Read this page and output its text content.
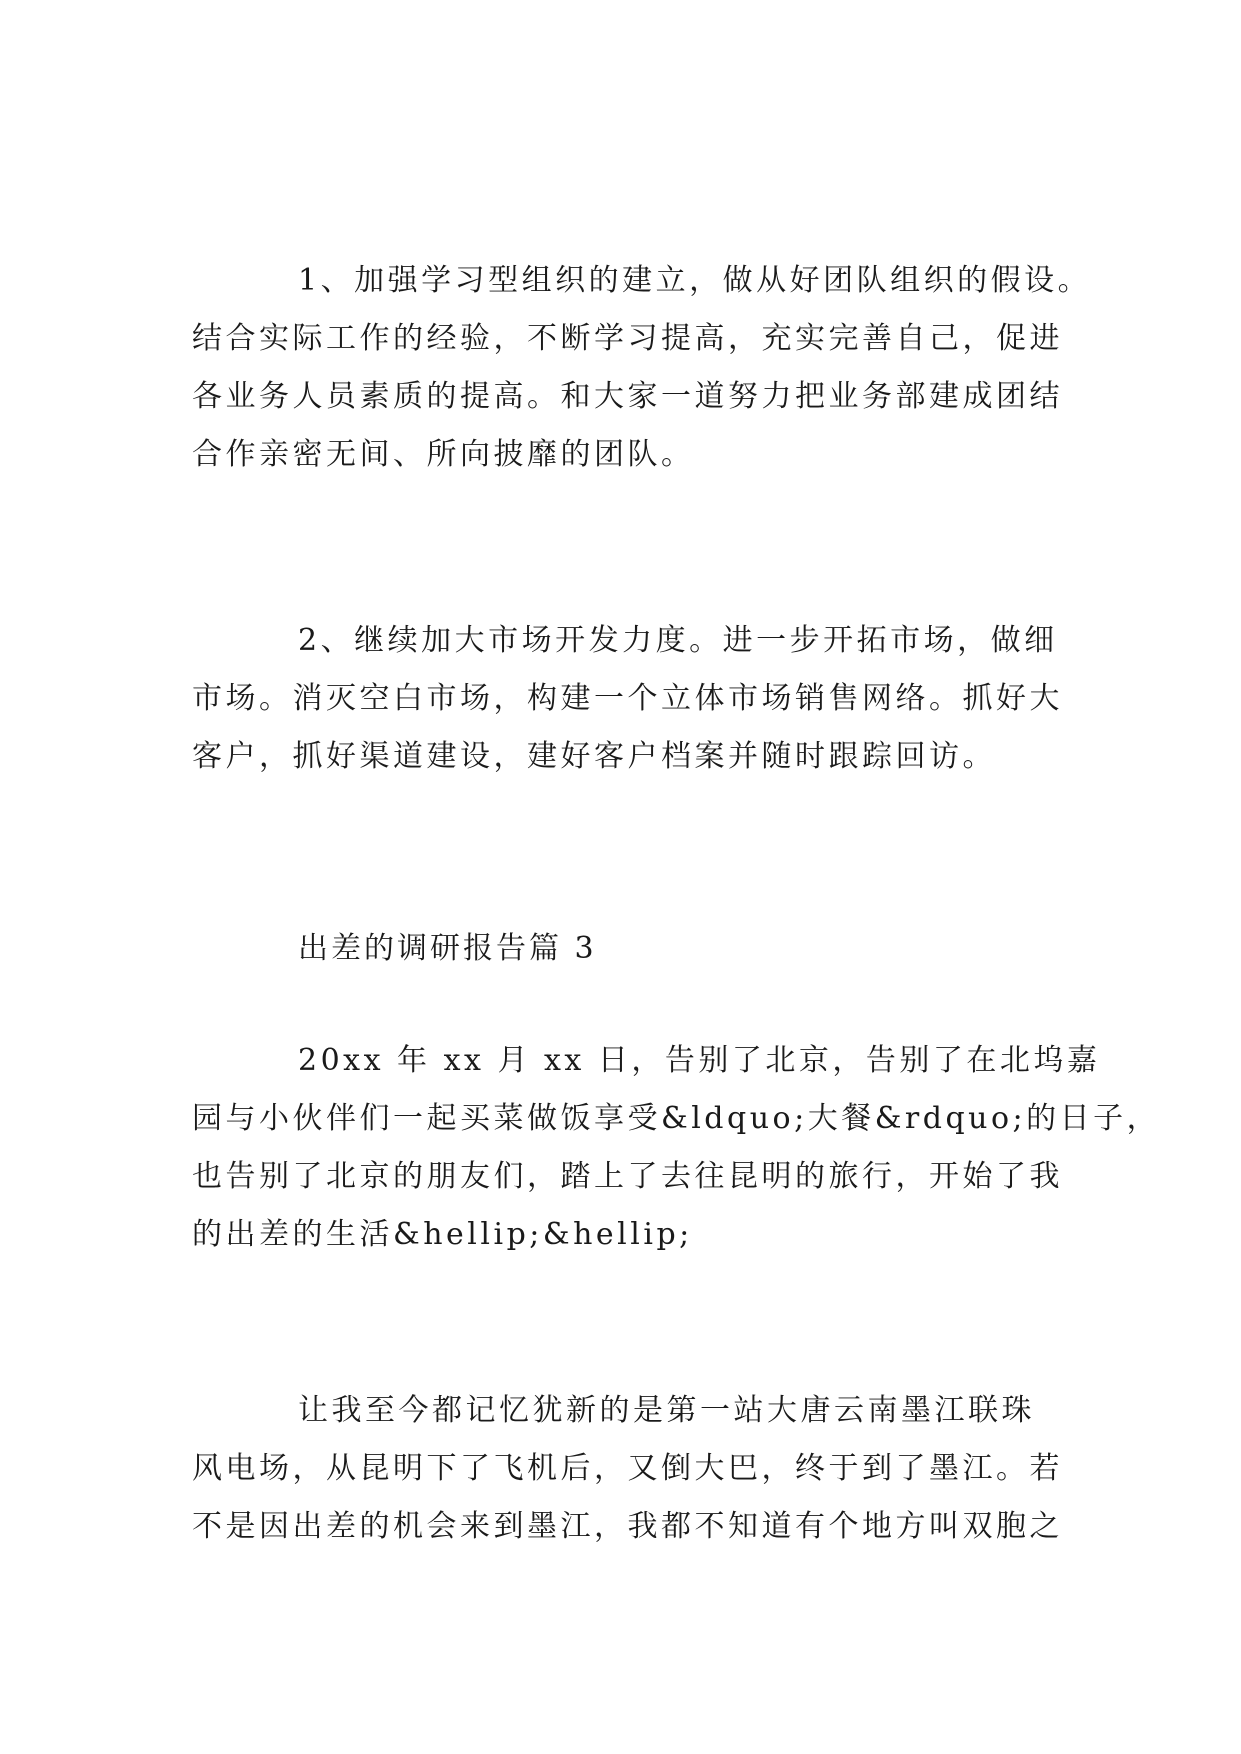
1、加强学习型组织的建立，做从好团队组织的假设。
结合实际工作的经验，不断学习提高，充实完善自己，促进
各业务人员素质的提高。和大家一道努力把业务部建成团结
合作亲密无间、所向披靡的团队。
2、继续加大市场开发力度。进一步开拓市场，做细
市场。消灭空白市场，构建一个立体市场销售网络。抓好大
客户，抓好渠道建设，建好客户档案并随时跟踪回访。
出差的调研报告篇 3
20xx 年 xx 月 xx 日，告别了北京，告别了在北坞嘉
园与小伙伴们一起买菜做饭享受&ldquo;大餐&rdquo;的日子，
也告别了北京的朋友们，踏上了去往昆明的旅行，开始了我
的出差的生活&hellip;&hellip;
让我至今都记忆犹新的是第一站大唐云南墨江联珠
风电场，从昆明下了飞机后，又倒大巴，终于到了墨江。若
不是因出差的机会来到墨江，我都不知道有个地方叫双胞之
